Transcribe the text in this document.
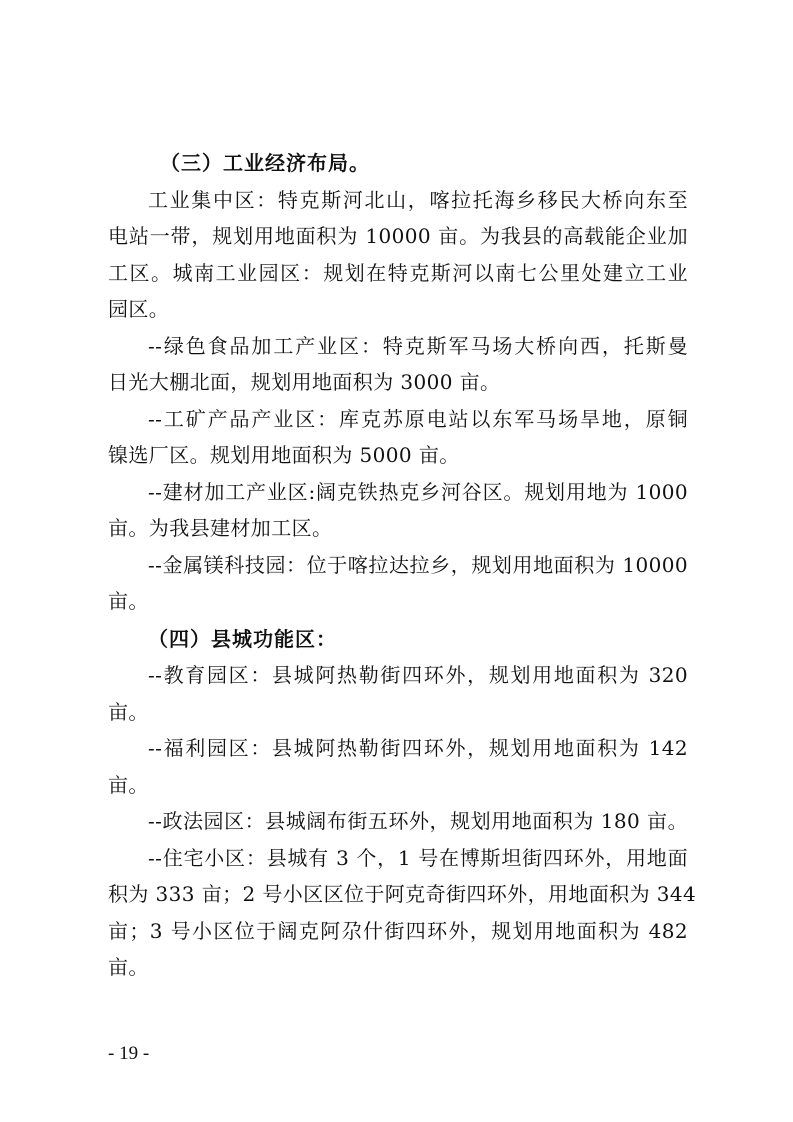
（三）工业经济布局。
工业集中区：特克斯河北山，喀拉托海乡移民大桥向东至
电站一带，规划用地面积为 10000 亩。为我县的高载能企业加
工区。城南工业园区：规划在特克斯河以南七公里处建立工业
园区。
--绿色食品加工产业区：特克斯军马场大桥向西，托斯曼
日光大棚北面，规划用地面积为 3000 亩。
--工矿产品产业区：库克苏原电站以东军马场旱地，原铜
镍选厂区。规划用地面积为 5000 亩。
--建材加工产业区:阔克铁热克乡河谷区。规划用地为 1000
亩。为我县建材加工区。
--金属镁科技园：位于喀拉达拉乡，规划用地面积为 10000
亩。
（四）县城功能区：
--教育园区：县城阿热勒街四环外，规划用地面积为 320
亩。
--福利园区：县城阿热勒街四环外，规划用地面积为 142
亩。
--政法园区：县城阔布街五环外，规划用地面积为 180 亩。
--住宅小区：县城有 3 个，1 号在博斯坦街四环外，用地面
积为 333 亩；2 号小区区位于阿克奇街四环外，用地面积为 344
亩；3 号小区位于阔克阿尕什街四环外，规划用地面积为 482
亩。
- 19 -
